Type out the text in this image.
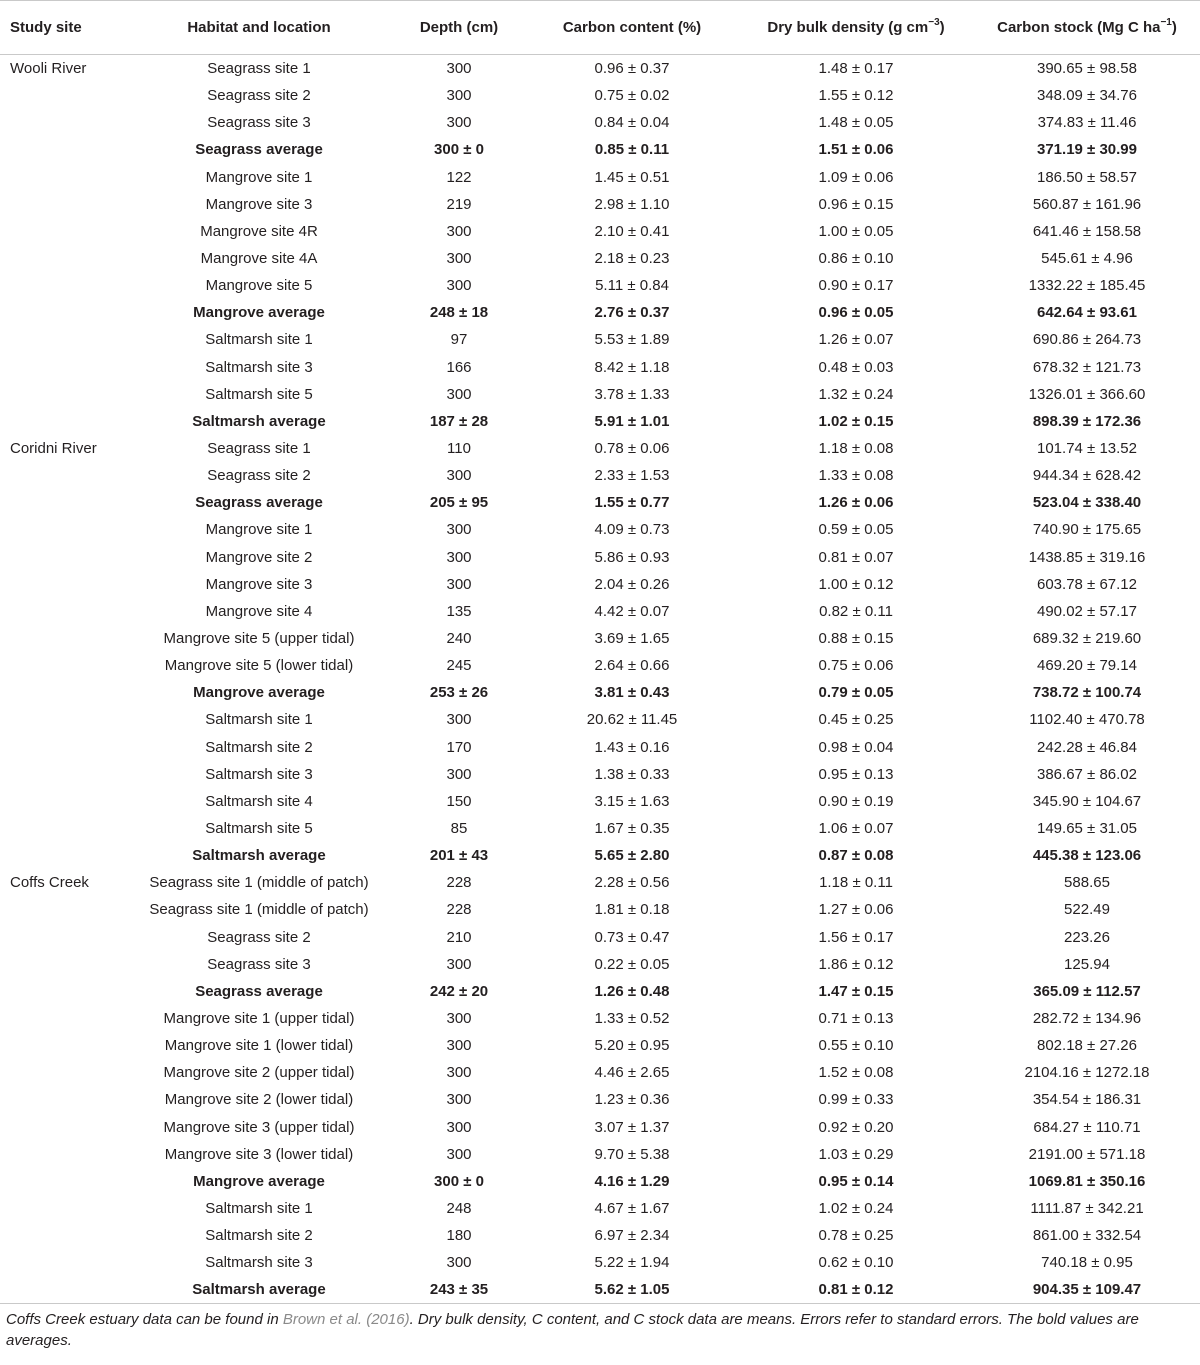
Study site	Habitat and location	Depth (cm)	Carbon content (%)	Dry bulk density (g $cm^{-3}$)	Carbon stock (Mg C $ha^{-1}$)
Wooli River	Seagrass site 1	300	0.96 ± 0.37	1.48 ± 0.17	390.65 ± 98.58
	Seagrass site 2	300	0.75 ± 0.02	1.55 ± 0.12	348.09 ± 34.76
	Seagrass site 3	300	0.84 ± 0.04	1.48 ± 0.05	374.83 ± 11.46
	Seagrass average	300 ± 0	0.85 ± 0.11	1.51 ± 0.06	371.19 ± 30.99
	Mangrove site 1	122	1.45 ± 0.51	1.09 ± 0.06	186.50 ± 58.57
	Mangrove site 3	219	2.98 ± 1.10	0.96 ± 0.15	560.87 ± 161.96
	Mangrove site 4R	300	2.10 ± 0.41	1.00 ± 0.05	641.46 ± 158.58
	Mangrove site 4A	300	2.18 ± 0.23	0.86 ± 0.10	545.61 ± 4.96
	Mangrove site 5	300	5.11 ± 0.84	0.90 ± 0.17	1332.22 ± 185.45
	Mangrove average	248 ± 18	2.76 ± 0.37	0.96 ± 0.05	642.64 ± 93.61
	Saltmarsh site 1	97	5.53 ± 1.89	1.26 ± 0.07	690.86 ± 264.73
	Saltmarsh site 3	166	8.42 ± 1.18	0.48 ± 0.03	678.32 ± 121.73
	Saltmarsh site 5	300	3.78 ± 1.33	1.32 ± 0.24	1326.01 ± 366.60
	Saltmarsh average	187 ± 28	5.91 ± 1.01	1.02 ± 0.15	898.39 ± 172.36
Coridni River	Seagrass site 1	110	0.78 ± 0.06	1.18 ± 0.08	101.74 ± 13.52
	Seagrass site 2	300	2.33 ± 1.53	1.33 ± 0.08	944.34 ± 628.42
	Seagrass average	205 ± 95	1.55 ± 0.77	1.26 ± 0.06	523.04 ± 338.40
	Mangrove site 1	300	4.09 ± 0.73	0.59 ± 0.05	740.90 ± 175.65
	Mangrove site 2	300	5.86 ± 0.93	0.81 ± 0.07	1438.85 ± 319.16
	Mangrove site 3	300	2.04 ± 0.26	1.00 ± 0.12	603.78 ± 67.12
	Mangrove site 4	135	4.42 ± 0.07	0.82 ± 0.11	490.02 ± 57.17
	Mangrove site 5 (upper tidal)	240	3.69 ± 1.65	0.88 ± 0.15	689.32 ± 219.60
	Mangrove site 5 (lower tidal)	245	2.64 ± 0.66	0.75 ± 0.06	469.20 ± 79.14
	Mangrove average	253 ± 26	3.81 ± 0.43	0.79 ± 0.05	738.72 ± 100.74
	Saltmarsh site 1	300	20.62 ± 11.45	0.45 ± 0.25	1102.40 ± 470.78
	Saltmarsh site 2	170	1.43 ± 0.16	0.98 ± 0.04	242.28 ± 46.84
	Saltmarsh site 3	300	1.38 ± 0.33	0.95 ± 0.13	386.67 ± 86.02
	Saltmarsh site 4	150	3.15 ± 1.63	0.90 ± 0.19	345.90 ± 104.67
	Saltmarsh site 5	85	1.67 ± 0.35	1.06 ± 0.07	149.65 ± 31.05
	Saltmarsh average	201 ± 43	5.65 ± 2.80	0.87 ± 0.08	445.38 ± 123.06
Coffs Creek	Seagrass site 1 (middle of patch)	228	2.28 ± 0.56	1.18 ± 0.11	588.65
	Seagrass site 1 (middle of patch)	228	1.81 ± 0.18	1.27 ± 0.06	522.49
	Seagrass site 2	210	0.73 ± 0.47	1.56 ± 0.17	223.26
	Seagrass site 3	300	0.22 ± 0.05	1.86 ± 0.12	125.94
	Seagrass average	242 ± 20	1.26 ± 0.48	1.47 ± 0.15	365.09 ± 112.57
	Mangrove site 1 (upper tidal)	300	1.33 ± 0.52	0.71 ± 0.13	282.72 ± 134.96
	Mangrove site 1 (lower tidal)	300	5.20 ± 0.95	0.55 ± 0.10	802.18 ± 27.26
	Mangrove site 2 (upper tidal)	300	4.46 ± 2.65	1.52 ± 0.08	2104.16 ± 1272.18
	Mangrove site 2 (lower tidal)	300	1.23 ± 0.36	0.99 ± 0.33	354.54 ± 186.31
	Mangrove site 3 (upper tidal)	300	3.07 ± 1.37	0.92 ± 0.20	684.27 ± 110.71
	Mangrove site 3 (lower tidal)	300	9.70 ± 5.38	1.03 ± 0.29	2191.00 ± 571.18
	Mangrove average	300 ± 0	4.16 ± 1.29	0.95 ± 0.14	1069.81 ± 350.16
	Saltmarsh site 1	248	4.67 ± 1.67	1.02 ± 0.24	1111.87 ± 342.21
	Saltmarsh site 2	180	6.97 ± 2.34	0.78 ± 0.25	861.00 ± 332.54
	Saltmarsh site 3	300	5.22 ± 1.94	0.62 ± 0.10	740.18 ± 0.95
	Saltmarsh average	243 ± 35	5.62 ± 1.05	0.81 ± 0.12	904.35 ± 109.47
Coffs Creek estuary data can be found in Brown et al. (2016). Dry bulk density, C content, and C stock data are means. Errors refer to standard errors. The bold values are averages.
